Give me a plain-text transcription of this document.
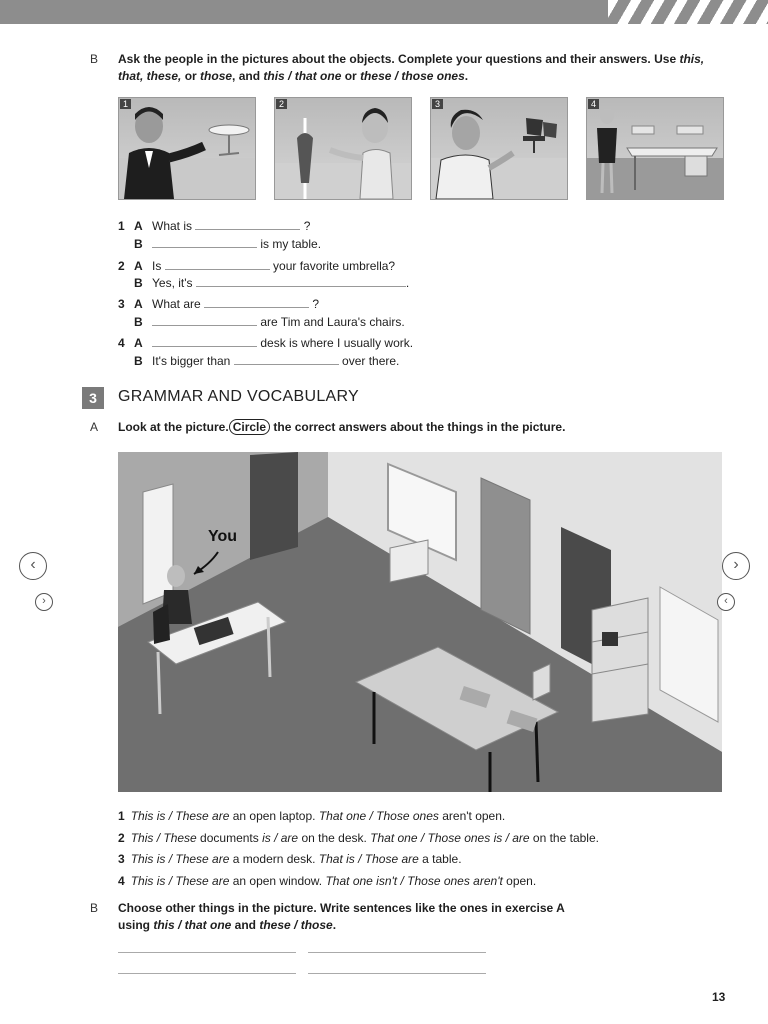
B Ask the people in the pictures about the objects. Complete your questions and their answers. Use this, that, these, or those, and this / that one or these / those ones.
1	2	3	4
1 A What is	?
B	is my table.
2 A Is	your favorite umbrella?
B Yes, it's	.
3 A What are	?
B	are Tim and Laura's chairs.
4 A	desk is where I usually work.
B It's bigger than	over there.
3	GRAMMAR AND VOCABULARY
A Look at the picture. Circle the correct answers about the things in the picture.
You
‹
›
›
‹
1 This is / These are an open laptop. That one / Those ones aren't open.
2 This / These documents is / are on the desk. That one / Those ones is / are on the table.
3 This is / These are a modern desk. That is / Those are a table.
4 This is / These are an open window. That one isn't / Those ones aren't open.
B Choose other things in the picture. Write sentences like the ones in exercise A
using this / that one and these / those.
13
